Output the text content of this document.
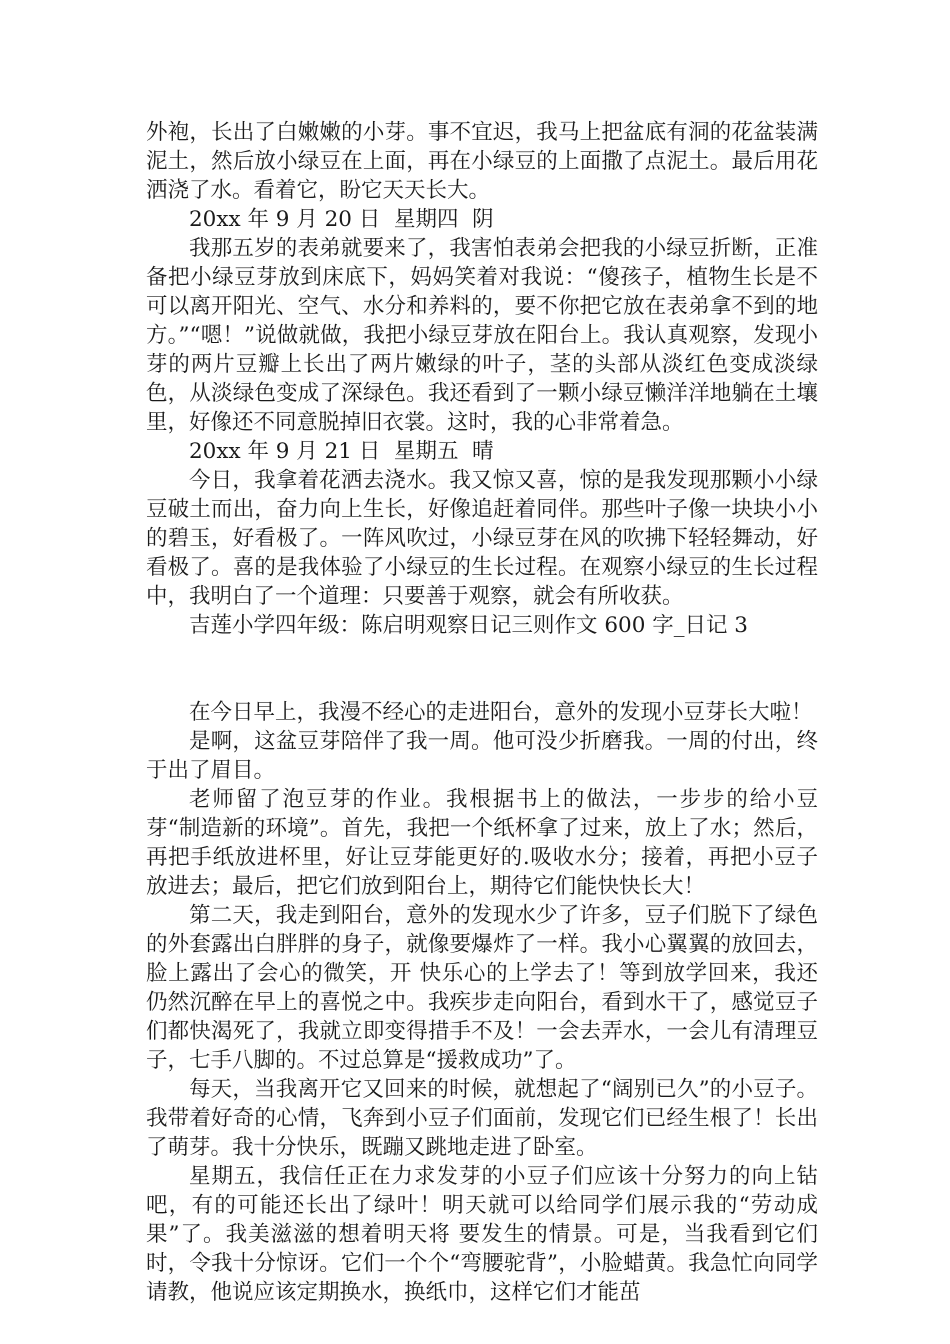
外袍，长出了白嫩嫩的小芽。事不宜迟，我马上把盆底有洞的花盆装满泥土，然后放小绿豆在上面，再在小绿豆的上面撒了点泥土。最后用花洒浇了水。看着它，盼它天天长大。

20xx 年 9 月 20 日  星期四  阴

我那五岁的表弟就要来了，我害怕表弟会把我的小绿豆折断，正准备把小绿豆芽放到床底下，妈妈笑着对我说：“傻孩子，植物生长是不可以离开阳光、空气、水分和养料的，要不你把它放在表弟拿不到的地方。”“嗯！”说做就做，我把小绿豆芽放在阳台上。我认真观察，发现小芽的两片豆瓣上长出了两片嫩绿的叶子，茎的头部从淡红色变成淡绿色，从淡绿色变成了深绿色。我还看到了一颗小绿豆懒洋洋地躺在土壤里，好像还不同意脱掉旧衣裳。这时，我的心非常着急。

20xx 年 9 月 21 日  星期五  晴

今日，我拿着花洒去浇水。我又惊又喜，惊的是我发现那颗小小绿豆破土而出，奋力向上生长，好像追赶着同伴。那些叶子像一块块小小的碧玉，好看极了。一阵风吹过，小绿豆芽在风的吹拂下轻轻舞动，好看极了。喜的是我体验了小绿豆的生长过程。在观察小绿豆的生长过程中，我明白了一个道理：只要善于观察，就会有所收获。

吉莲小学四年级：陈启明观察日记三则作文 600 字_日记 3

在今日早上，我漫不经心的走进阳台，意外的发现小豆芽长大啦！

是啊，这盆豆芽陪伴了我一周。他可没少折磨我。一周的付出，终于出了眉目。

老师留了泡豆芽的作业。我根据书上的做法，一步步的给小豆芽“制造新的环境”。首先，我把一个纸杯拿了过来，放上了水；然后，再把手纸放进杯里，好让豆芽能更好的.吸收水分；接着，再把小豆子放进去；最后，把它们放到阳台上，期待它们能快快长大！

第二天，我走到阳台，意外的发现水少了许多，豆子们脱下了绿色的外套露出白胖胖的身子，就像要爆炸了一样。我小心翼翼的放回去，脸上露出了会心的微笑，开 快乐心的上学去了！等到放学回来，我还仍然沉醉在早上的喜悦之中。我疾步走向阳台，看到水干了，感觉豆子们都快渴死了，我就立即变得措手不及！一会去弄水，一会儿有清理豆子，七手八脚的。不过总算是“援救成功”了。

每天，当我离开它又回来的时候，就想起了“阔别已久”的小豆子。我带着好奇的心情，飞奔到小豆子们面前，发现它们已经生根了！长出了萌芽。我十分快乐，既蹦又跳地走进了卧室。

星期五，我信任正在力求发芽的小豆子们应该十分努力的向上钻吧，有的可能还长出了绿叶！明天就可以给同学们展示我的“劳动成果”了。我美滋滋的想着明天将 要发生的情景。可是，当我看到它们时，令我十分惊讶。它们一个个“弯腰驼背”，小脸蜡黄。我急忙向同学请教，他说应该定期换水，换纸巾，这样它们才能茁
